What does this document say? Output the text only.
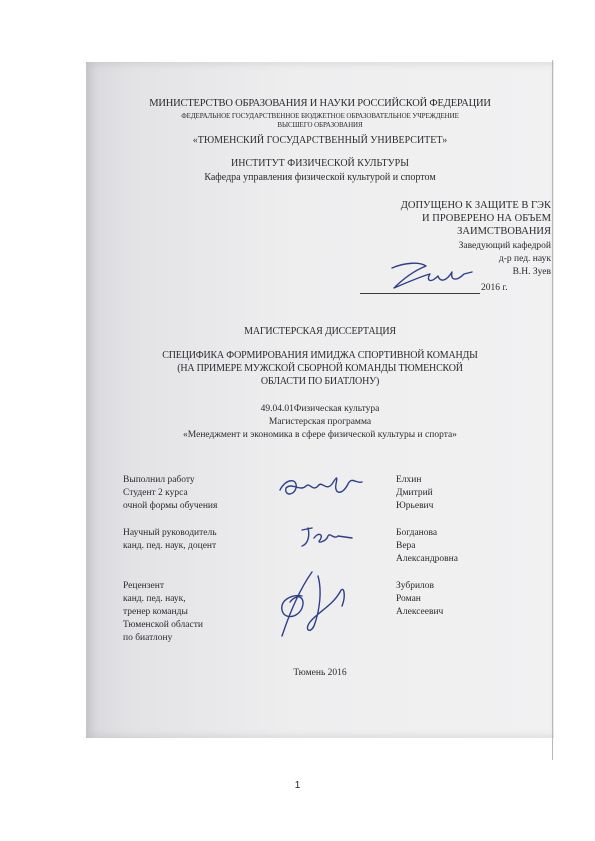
МИНИСТЕРСТВО ОБРАЗОВАНИЯ И НАУКИ РОССИЙСКОЙ ФЕДЕРАЦИИ
ФЕДЕРАЛЬНОЕ ГОСУДАРСТВЕННОЕ БЮДЖЕТНОЕ ОБРАЗОВАТЕЛЬНОЕ УЧРЕЖДЕНИЕ
ВЫСШЕГО ОБРАЗОВАНИЯ
«ТЮМЕНСКИЙ ГОСУДАРСТВЕННЫЙ УНИВЕРСИТЕТ»
ИНСТИТУТ ФИЗИЧЕСКОЙ КУЛЬТУРЫ
Кафедра управления физической культурой и спортом
ДОПУЩЕНО К ЗАЩИТЕ В ГЭК
И ПРОВЕРЕНО НА ОБЪЕМ
ЗАИМСТВОВАНИЯ
Заведующий кафедрой
д-р пед. наук
В.Н. Зуев
2016 г.
МАГИСТЕРСКАЯ ДИССЕРТАЦИЯ
СПЕЦИФИКА ФОРМИРОВАНИЯ ИМИДЖА СПОРТИВНОЙ КОМАНДЫ
(НА ПРИМЕРЕ МУЖСКОЙ СБОРНОЙ КОМАНДЫ ТЮМЕНСКОЙ
ОБЛАСТИ ПО БИАТЛОНУ)
49.04.01Физическая культура
Магистерская программа
«Менеджмент и экономика в сфере физической культуры и спорта»
Выполнил работу
Студент 2 курса
очной формы обучения
Елхин
Дмитрий
Юрьевич
Научный руководитель
канд. пед. наук, доцент
Богданова
Вера
Александровна
Рецензент
канд. пед. наук,
тренер команды
Тюменской области
по биатлону
Зубрилов
Роман
Алексеевич
Тюмень 2016
1
